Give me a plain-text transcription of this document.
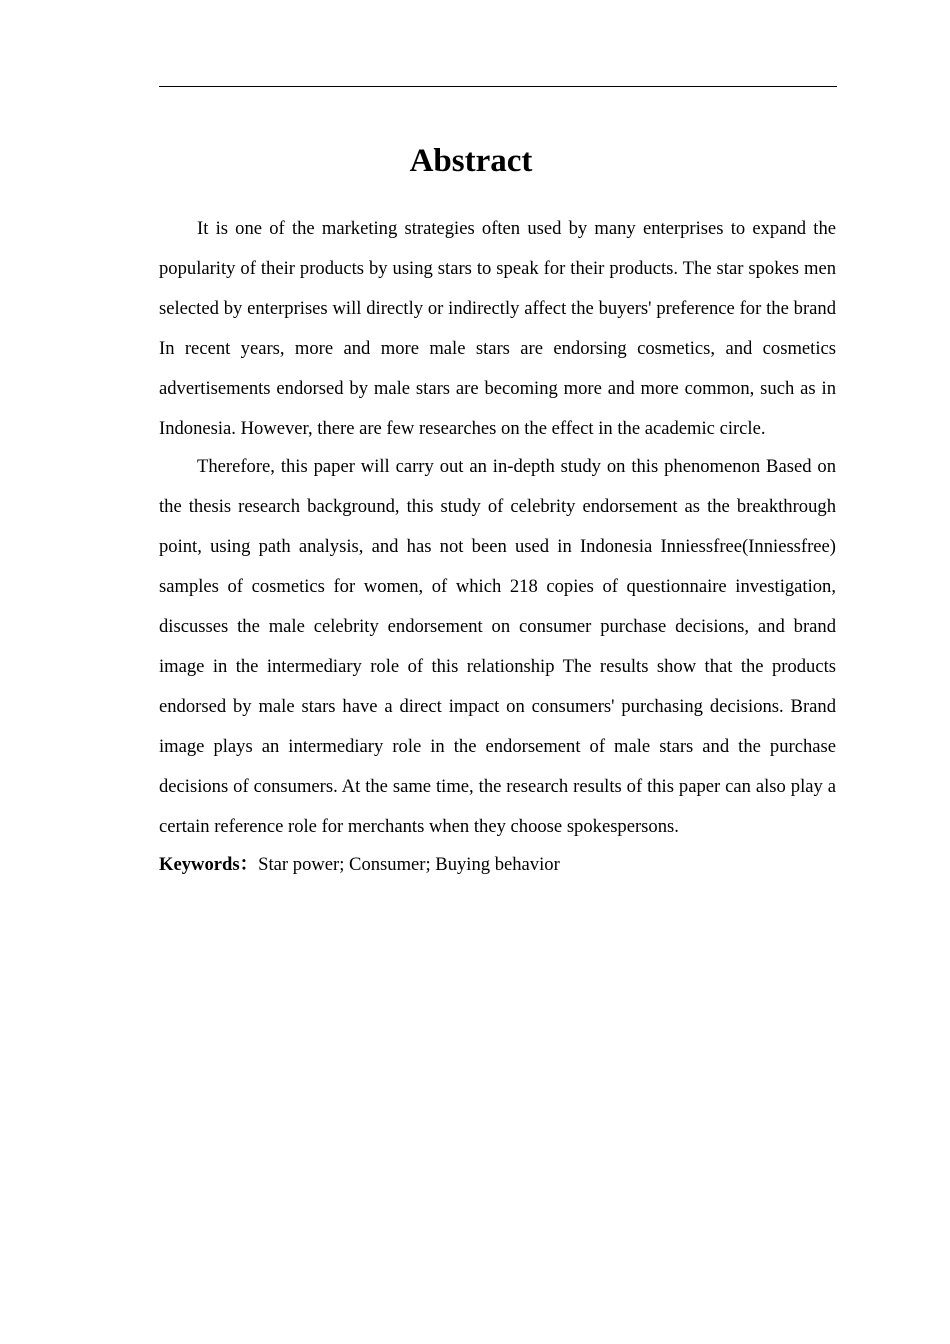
Abstract

It is one of the marketing strategies often used by many enterprises to expand the popularity of their products by using stars to speak for their products. The star spokes men selected by enterprises will directly or indirectly affect the buyers' preference for the brand In recent years, more and more male stars are endorsing cosmetics, and cosmetics advertisements endorsed by male stars are becoming more and more common, such as in Indonesia. However, there are few researches on the effect in the academic circle.

Therefore, this paper will carry out an in-depth study on this phenomenon Based on the thesis research background, this study of celebrity endorsement as the breakthrough point, using path analysis, and has not been used in Indonesia Inniessfree(Inniessfree) samples of cosmetics for women, of which 218 copies of questionnaire investigation, discusses the male celebrity endorsement on consumer purchase decisions, and brand image in the intermediary role of this relationship The results show that the products endorsed by male stars have a direct impact on consumers' purchasing decisions. Brand image plays an intermediary role in the endorsement of male stars and the purchase decisions of consumers. At the same time, the research results of this paper can also play a certain reference role for merchants when they choose spokespersons.

Keywords：Star power; Consumer; Buying behavior
